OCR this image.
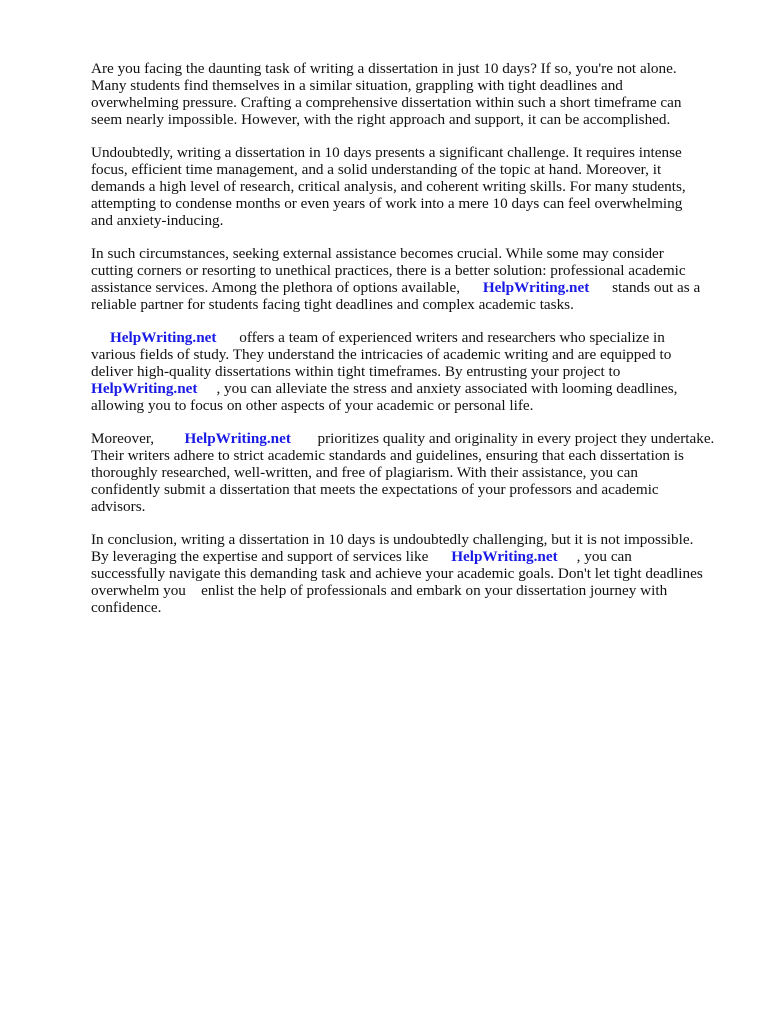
Are you facing the daunting task of writing a dissertation in just 10 days? If so, you're not alone.
Many students find themselves in a similar situation, grappling with tight deadlines and
overwhelming pressure. Crafting a comprehensive dissertation within such a short timeframe can
seem nearly impossible. However, with the right approach and support, it can be accomplished.

Undoubtedly, writing a dissertation in 10 days presents a significant challenge. It requires intense
focus, efficient time management, and a solid understanding of the topic at hand. Moreover, it
demands a high level of research, critical analysis, and coherent writing skills. For many students,
attempting to condense months or even years of work into a mere 10 days can feel overwhelming
and anxiety-inducing.

In such circumstances, seeking external assistance becomes crucial. While some may consider
cutting corners or resorting to unethical practices, there is a better solution: professional academic
assistance services. Among the plethora of options available, HelpWriting.net stands out as a
reliable partner for students facing tight deadlines and complex academic tasks.

HelpWriting.net offers a team of experienced writers and researchers who specialize in
various fields of study. They understand the intricacies of academic writing and are equipped to
deliver high-quality dissertations within tight timeframes. By entrusting your project to
HelpWriting.net , you can alleviate the stress and anxiety associated with looming deadlines,
allowing you to focus on other aspects of your academic or personal life.

Moreover, HelpWriting.net prioritizes quality and originality in every project they undertake.
Their writers adhere to strict academic standards and guidelines, ensuring that each dissertation is
thoroughly researched, well-written, and free of plagiarism. With their assistance, you can
confidently submit a dissertation that meets the expectations of your professors and academic
advisors.

In conclusion, writing a dissertation in 10 days is undoubtedly challenging, but it is not impossible.
By leveraging the expertise and support of services like HelpWriting.net , you can
successfully navigate this demanding task and achieve your academic goals. Don't let tight deadlines
overwhelm you    enlist the help of professionals and embark on your dissertation journey with
confidence.
